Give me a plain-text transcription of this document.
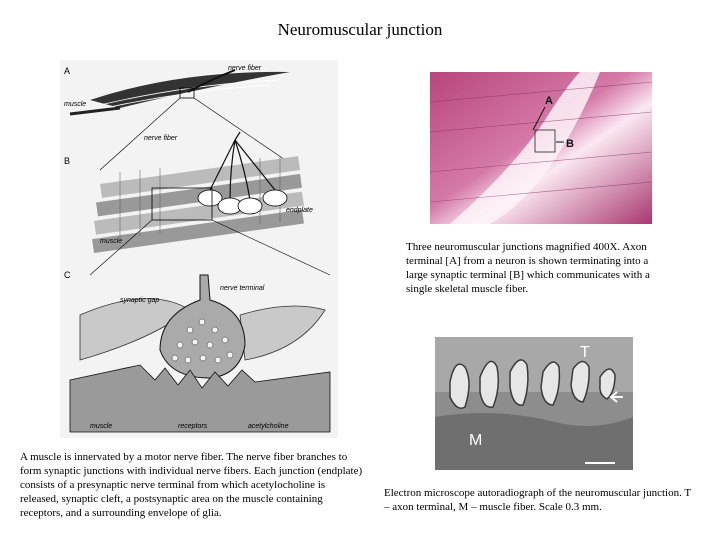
Neuromuscular junction
A	nerve fiber
muscle
B
nerve fiber
muscle
endplate
C
synaptic gap
nerve terminal
muscle	receptors	acetylcholine
A
B
T
M
A muscle is innervated by a motor nerve fiber. The nerve fiber branches to form synaptic junctions with individual nerve fibers. Each junction (endplate) consists of a presynaptic nerve terminal from which acetylocholine is released, synaptic cleft, a postsynaptic area on the muscle containing receptors, and a surrounding envelope of glia.
Three neuromuscular junctions magnified 400X. Axon terminal [A] from a neuron is shown terminating into a large synaptic terminal [B] which communicates with a single skeletal muscle fiber.
Electron microscope autoradiograph of the neuromuscular junction. T – axon terminal, M – muscle fiber. Scale 0.3 mm.
